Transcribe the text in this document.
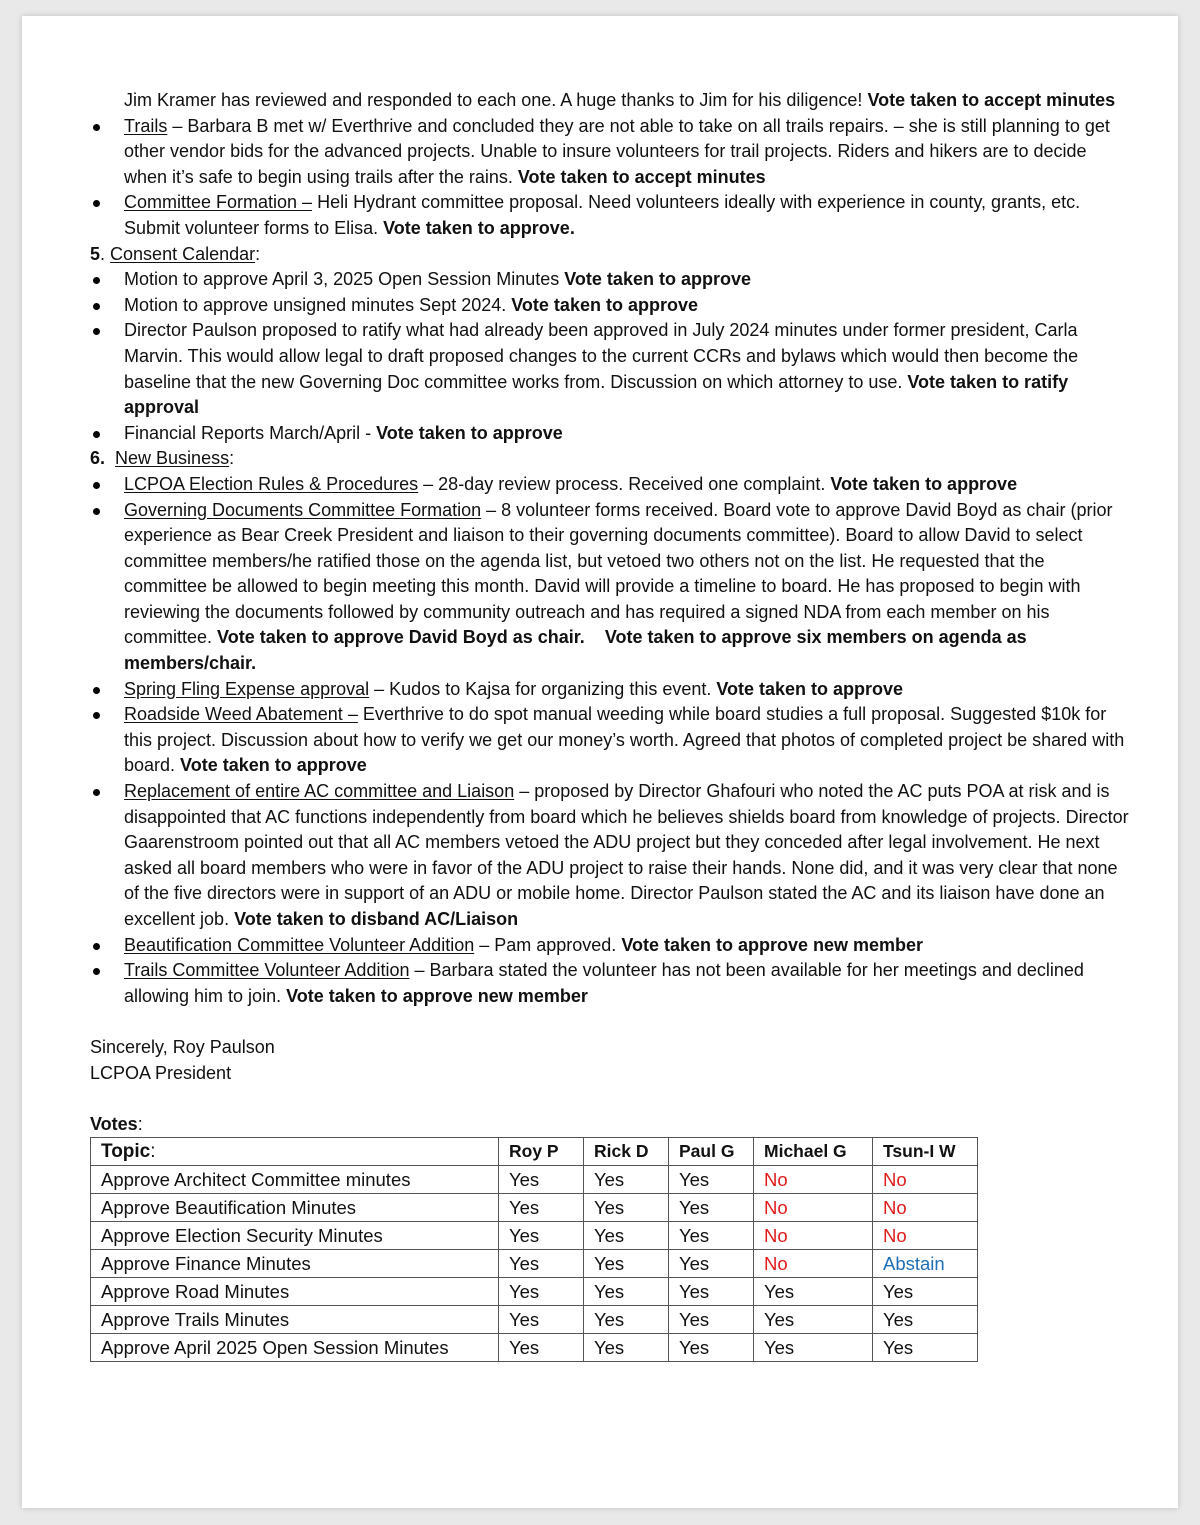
Jim Kramer has reviewed and responded to each one. A huge thanks to Jim for his diligence! Vote taken to accept minutes
Trails – Barbara B met w/ Everthrive and concluded they are not able to take on all trails repairs. – she is still planning to get other vendor bids for the advanced projects. Unable to insure volunteers for trail projects. Riders and hikers are to decide when it’s safe to begin using trails after the rains. Vote taken to accept minutes
Committee Formation – Heli Hydrant committee proposal. Need volunteers ideally with experience in county, grants, etc. Submit volunteer forms to Elisa. Vote taken to approve.
5. Consent Calendar:
Motion to approve April 3, 2025 Open Session Minutes Vote taken to approve
Motion to approve unsigned minutes Sept 2024. Vote taken to approve
Director Paulson proposed to ratify what had already been approved in July 2024 minutes under former president, Carla Marvin. This would allow legal to draft proposed changes to the current CCRs and bylaws which would then become the baseline that the new Governing Doc committee works from. Discussion on which attorney to use. Vote taken to ratify approval
Financial Reports March/April - Vote taken to approve
6. New Business:
LCPOA Election Rules & Procedures – 28-day review process. Received one complaint. Vote taken to approve
Governing Documents Committee Formation – 8 volunteer forms received. Board vote to approve David Boyd as chair (prior experience as Bear Creek President and liaison to their governing documents committee). Board to allow David to select committee members/he ratified those on the agenda list, but vetoed two others not on the list. He requested that the committee be allowed to begin meeting this month. David will provide a timeline to board. He has proposed to begin with reviewing the documents followed by community outreach and has required a signed NDA from each member on his committee. Vote taken to approve David Boyd as chair.    Vote taken to approve six members on agenda as members/chair.
Spring Fling Expense approval – Kudos to Kajsa for organizing this event. Vote taken to approve
Roadside Weed Abatement – Everthrive to do spot manual weeding while board studies a full proposal. Suggested $10k for this project. Discussion about how to verify we get our money’s worth. Agreed that photos of completed project be shared with board. Vote taken to approve
Replacement of entire AC committee and Liaison – proposed by Director Ghafouri who noted the AC puts POA at risk and is disappointed that AC functions independently from board which he believes shields board from knowledge of projects. Director Gaarenstroom pointed out that all AC members vetoed the ADU project but they conceded after legal involvement. He next asked all board members who were in favor of the ADU project to raise their hands. None did, and it was very clear that none of the five directors were in support of an ADU or mobile home. Director Paulson stated the AC and its liaison have done an excellent job. Vote taken to disband AC/Liaison
Beautification Committee Volunteer Addition – Pam approved. Vote taken to approve new member
Trails Committee Volunteer Addition – Barbara stated the volunteer has not been available for her meetings and declined allowing him to join. Vote taken to approve new member
Sincerely, Roy Paulson
LCPOA President
Votes:
Topic:	Roy P	Rick D	Paul G	Michael G	Tsun-I W
Approve Architect Committee minutes	Yes	Yes	Yes	No	No
Approve Beautification Minutes	Yes	Yes	Yes	No	No
Approve Election Security Minutes	Yes	Yes	Yes	No	No
Approve Finance Minutes	Yes	Yes	Yes	No	Abstain
Approve Road Minutes	Yes	Yes	Yes	Yes	Yes
Approve Trails Minutes	Yes	Yes	Yes	Yes	Yes
Approve April 2025 Open Session Minutes	Yes	Yes	Yes	Yes	Yes
